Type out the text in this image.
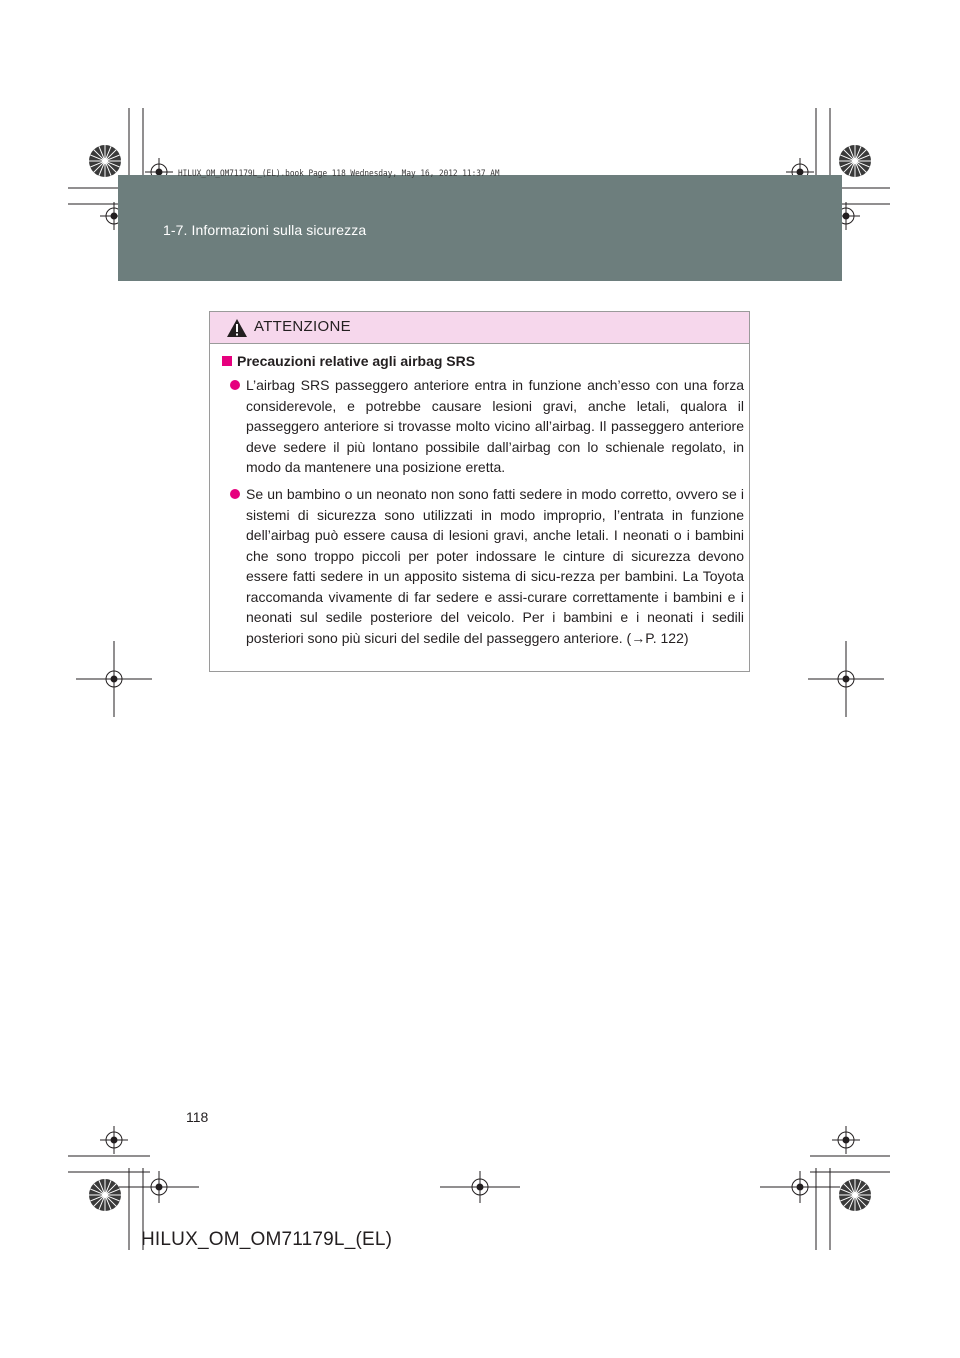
HILUX_OM_OM71179L_(EL).book Page 118 Wednesday, May 16, 2012 11:37 AM
1-7. Informazioni sulla sicurezza
ATTENZIONE
Precauzioni relative agli airbag SRS
L’airbag SRS passeggero anteriore entra in funzione anch’esso con una forza considerevole, e potrebbe causare lesioni gravi, anche letali, qualora il passeggero anteriore si trovasse molto vicino all’airbag. Il passeggero anteriore deve sedere il più lontano possibile dall’airbag con lo schienale regolato, in modo da mantenere una posizione eretta.
Se un bambino o un neonato non sono fatti sedere in modo corretto, ovvero se i sistemi di sicurezza sono utilizzati in modo improprio, l’entrata in funzione dell’airbag può essere causa di lesioni gravi, anche letali. I neonati o i bambini che sono troppo piccoli per poter indossare le cinture di sicurezza devono essere fatti sedere in un apposito sistema di sicu-rezza per bambini. La Toyota raccomanda vivamente di far sedere e assi-curare correttamente i bambini e i neonati sul sedile posteriore del veicolo. Per i bambini e i neonati i sedili posteriori sono più sicuri del sedile del passeggero anteriore. (→P. 122)
118
HILUX_OM_OM71179L_(EL)
